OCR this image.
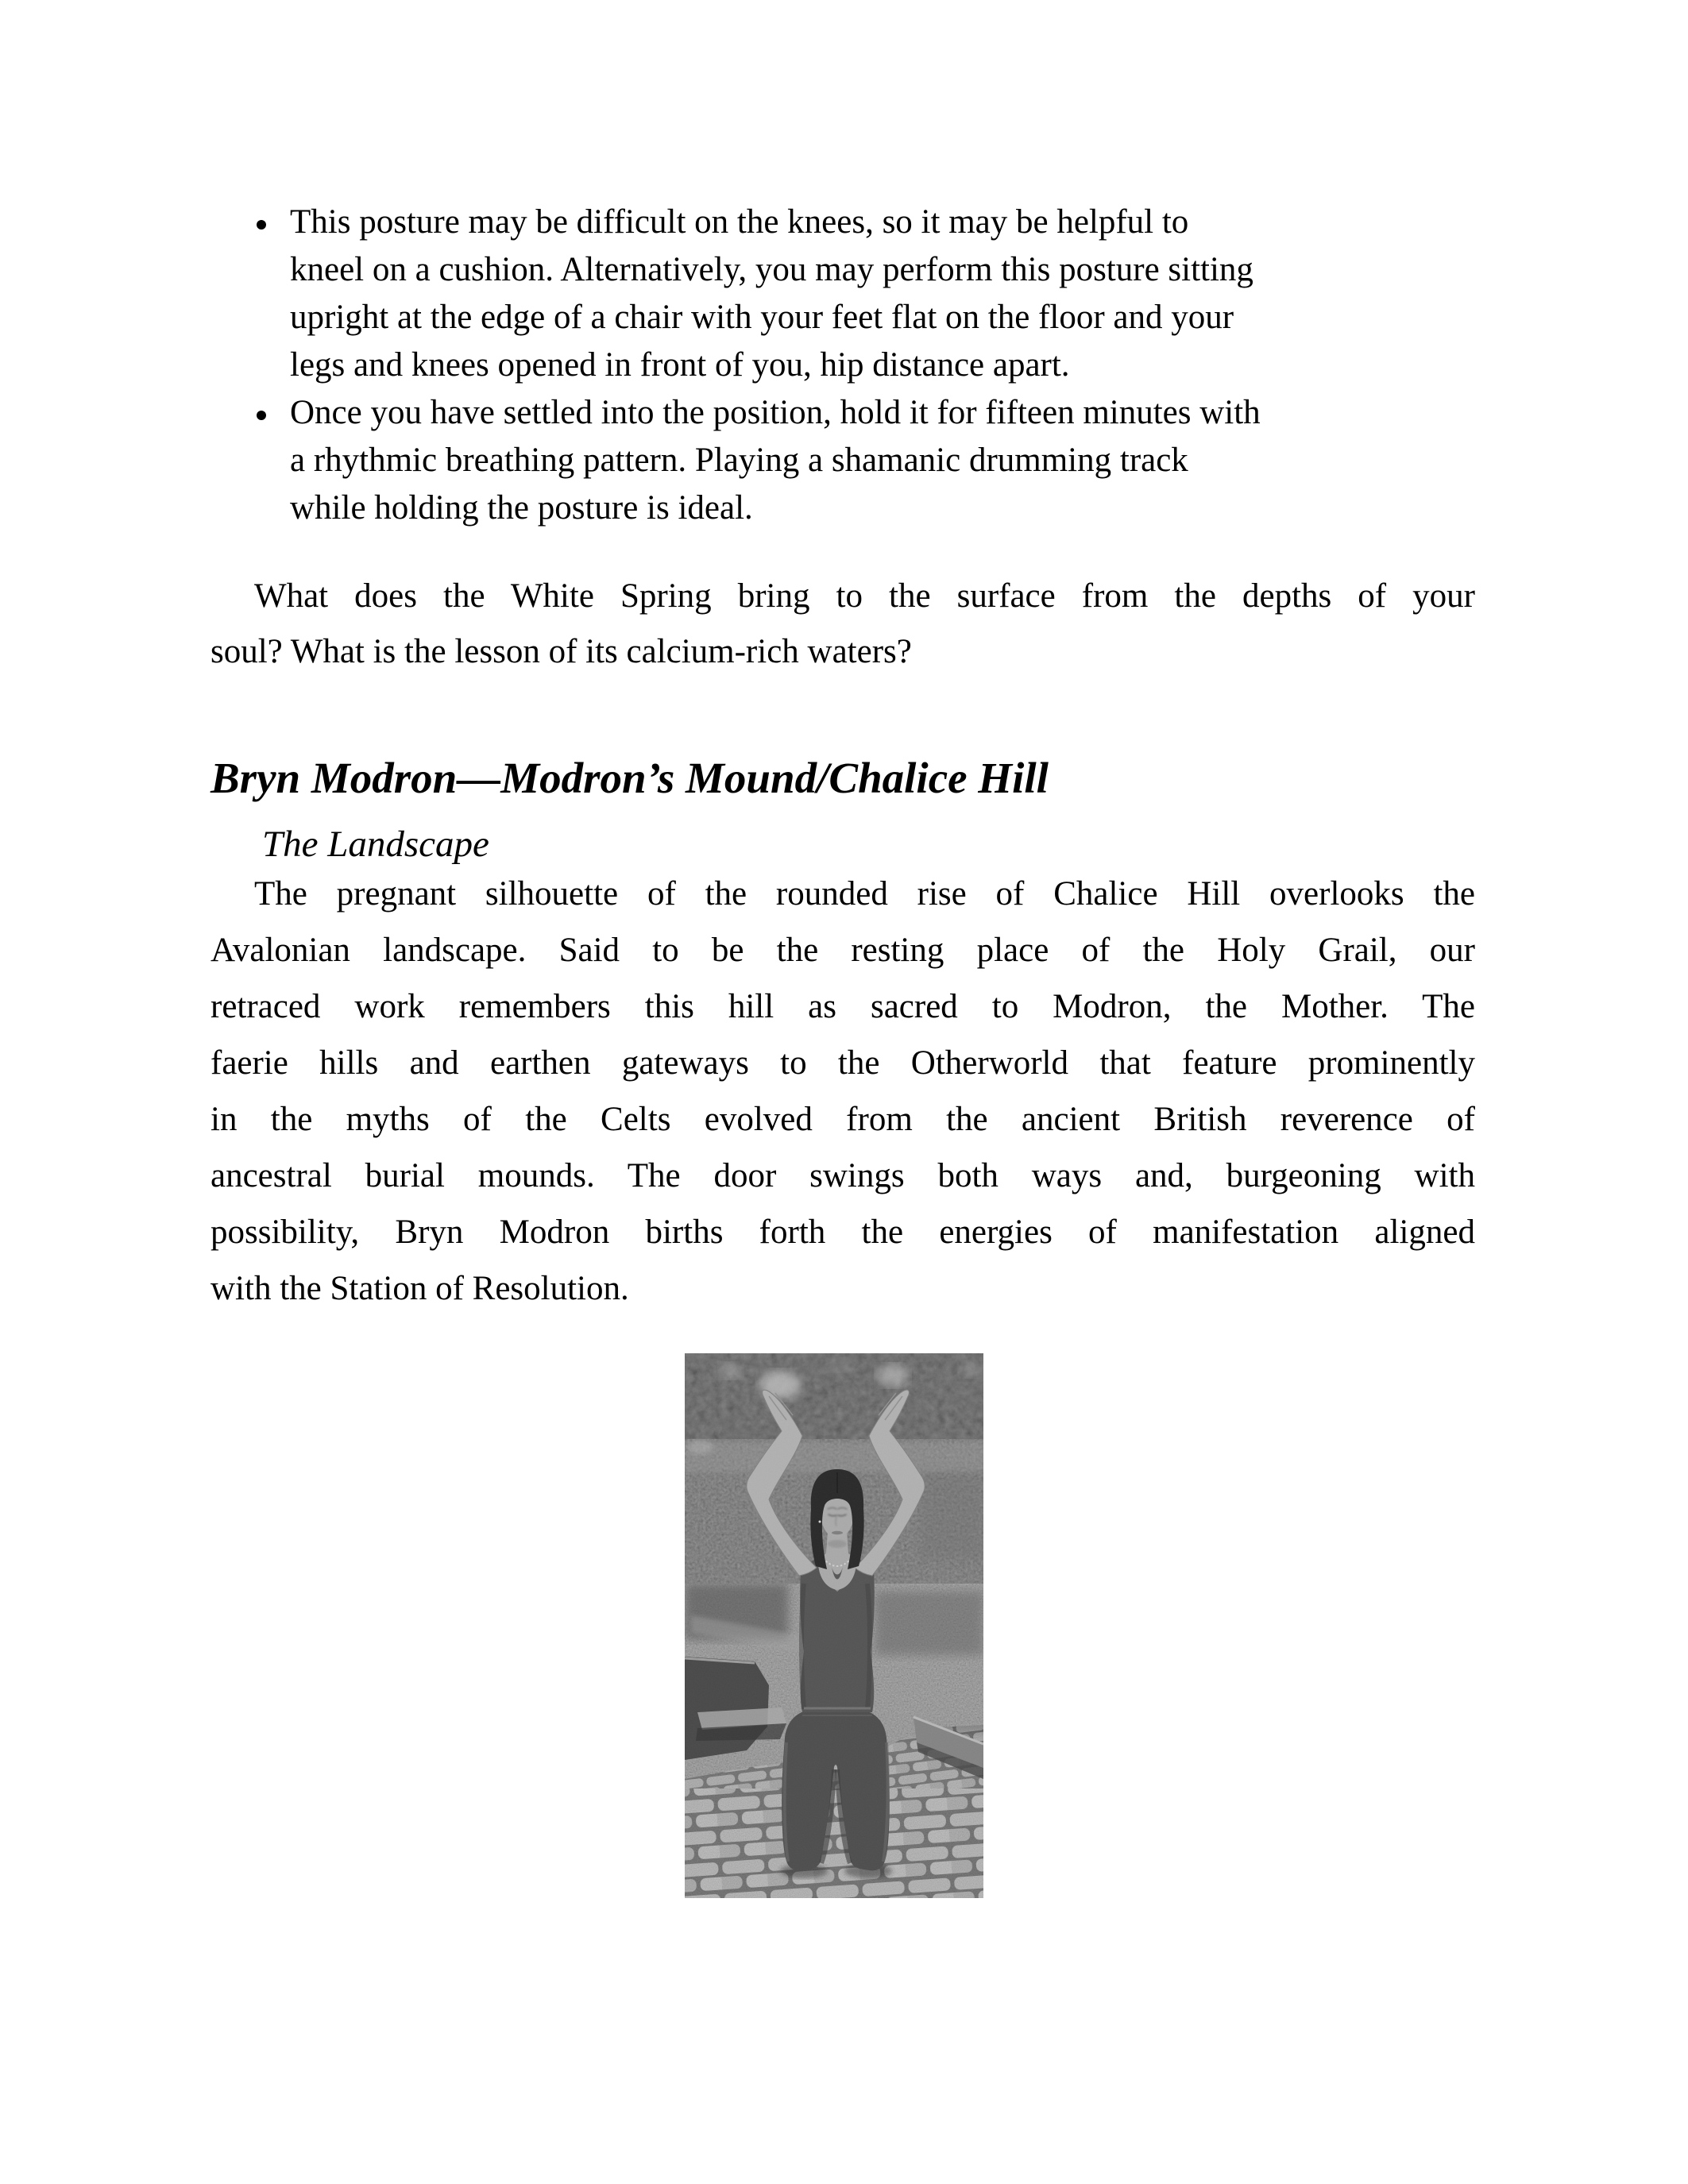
This posture may be difficult on the knees, so it may be helpful to
kneel on a cushion. Alternatively, you may perform this posture sitting
upright at the edge of a chair with your feet flat on the floor and your
legs and knees opened in front of you, hip distance apart.
Once you have settled into the position, hold it for fifteen minutes with
a rhythmic breathing pattern. Playing a shamanic drumming track
while holding the posture is ideal.
What does the White Spring bring to the surface from the depths of your
soul? What is the lesson of its calcium-rich waters?
Bryn Modron—Modron’s Mound/Chalice Hill
The Landscape
The pregnant silhouette of the rounded rise of Chalice Hill overlooks the
Avalonian landscape. Said to be the resting place of the Holy Grail, our
retraced work remembers this hill as sacred to Modron, the Mother. The
faerie hills and earthen gateways to the Otherworld that feature prominently
in the myths of the Celts evolved from the ancient British reverence of
ancestral burial mounds. The door swings both ways and, burgeoning with
possibility, Bryn Modron births forth the energies of manifestation aligned
with the Station of Resolution.
